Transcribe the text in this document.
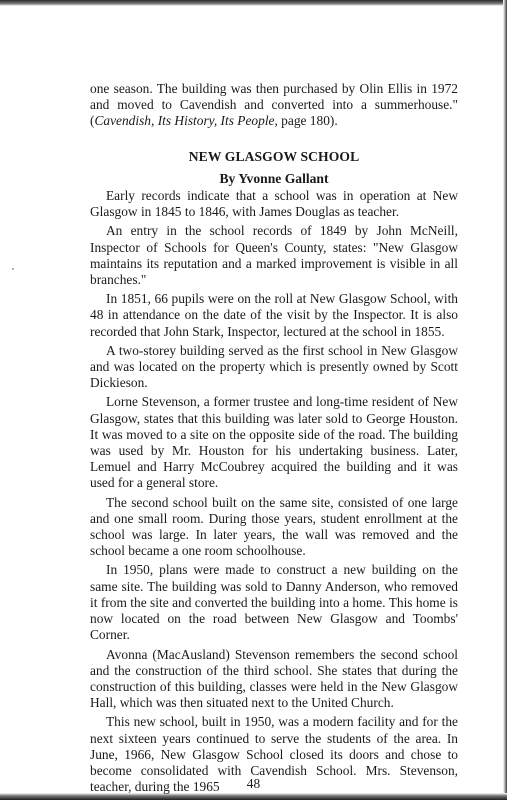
one season. The building was then purchased by Olin Ellis in 1972 and moved to Cavendish and converted into a summerhouse." (Cavendish, Its History, Its People, page 180).

NEW GLASGOW SCHOOL

By Yvonne Gallant

Early records indicate that a school was in operation at New Glasgow in 1845 to 1846, with James Douglas as teacher.

An entry in the school records of 1849 by John McNeill, Inspector of Schools for Queen's County, states: "New Glasgow maintains its reputation and a marked improvement is visible in all branches."

In 1851, 66 pupils were on the roll at New Glasgow School, with 48 in attendance on the date of the visit by the Inspector. It is also recorded that John Stark, Inspector, lectured at the school in 1855.

A two-storey building served as the first school in New Glasgow and was located on the property which is presently owned by Scott Dickieson.

Lorne Stevenson, a former trustee and long-time resident of New Glasgow, states that this building was later sold to George Houston. It was moved to a site on the opposite side of the road. The building was used by Mr. Houston for his undertaking business. Later, Lemuel and Harry McCoubrey acquired the building and it was used for a general store.

The second school built on the same site, consisted of one large and one small room. During those years, student enrollment at the school was large. In later years, the wall was removed and the school became a one room schoolhouse.

In 1950, plans were made to construct a new building on the same site. The building was sold to Danny Anderson, who removed it from the site and converted the building into a home. This home is now located on the road between New Glasgow and Toombs' Corner.

Avonna (MacAusland) Stevenson remembers the second school and the construction of the third school. She states that during the construction of this building, classes were held in the New Glasgow Hall, which was then situated next to the United Church.

This new school, built in 1950, was a modern facility and for the next sixteen years continued to serve the students of the area. In June, 1966, New Glasgow School closed its doors and chose to become consolidated with Cavendish School. Mrs. Stevenson, teacher, during the 1965	48
